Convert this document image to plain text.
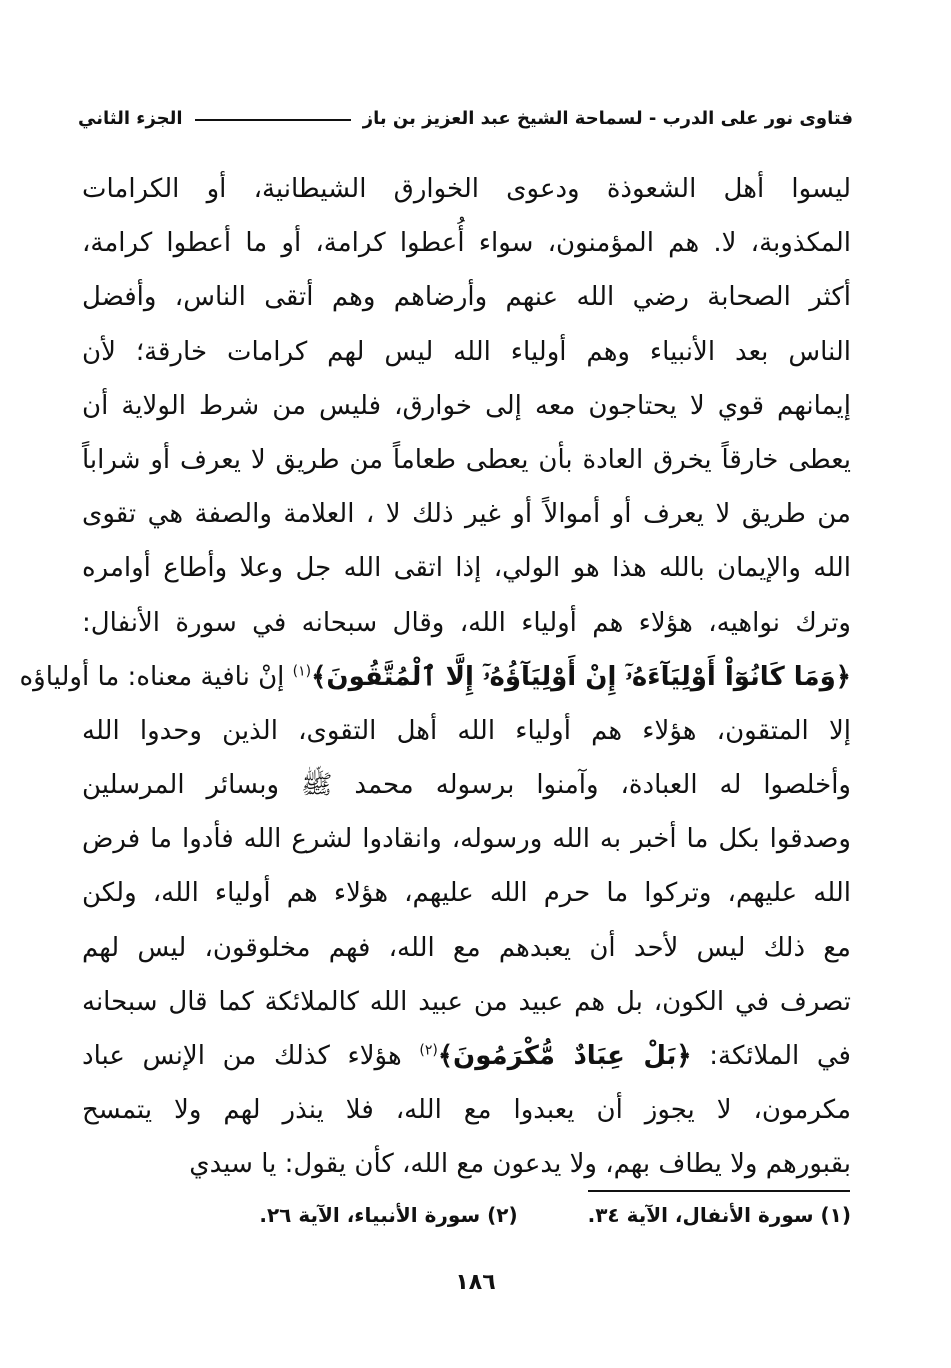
فتاوى نور على الدرب - لسماحة الشيخ عبد العزيز بن باز
الجزء الثاني
ليسوا أهل الشعوذة ودعوى الخوارق الشيطانية، أو الكرامات
المكذوبة، لا. هم المؤمنون، سواء أُعطوا كرامة، أو ما أعطوا كرامة،
أكثر الصحابة رضي الله عنهم وأرضاهم وهم أتقى الناس، وأفضل
الناس بعد الأنبياء وهم أولياء الله ليس لهم كرامات خارقة؛ لأن
إيمانهم قوي لا يحتاجون معه إلى خوارق، فليس من شرط الولاية أن
يعطى خارقاً يخرق العادة بأن يعطى طعاماً من طريق لا يعرف أو شراباً
من طريق لا يعرف أو أموالاً أو غير ذلك لا ، العلامة والصفة هي تقوى
الله والإيمان بالله هذا هو الولي، إذا اتقى الله جل وعلا وأطاع أوامره
وترك نواهيه، هؤلاء هم أولياء الله، وقال سبحانه في سورة الأنفال:
﴿وَمَا كَانُوٓاْ أَوْلِيَآءَهُۥٓ إِنْ أَوْلِيَآؤُهُۥٓ إِلَّا ٱلْمُتَّقُونَ﴾$^{(١)}$ إنْ نافية معناه: ما أولياؤه
إلا المتقون، هؤلاء هم أولياء الله أهل التقوى، الذين وحدوا الله
وأخلصوا له العبادة، وآمنوا برسوله محمد ﷺ وبسائر المرسلين
وصدقوا بكل ما أخبر به الله ورسوله، وانقادوا لشرع الله فأدوا ما فرض
الله عليهم، وتركوا ما حرم الله عليهم، هؤلاء هم أولياء الله، ولكن
مع ذلك ليس لأحد أن يعبدهم مع الله، فهم مخلوقون، ليس لهم
تصرف في الكون، بل هم عبيد من عبيد الله كالملائكة كما قال سبحانه
في الملائكة: ﴿بَلْ عِبَادٌ مُّكْرَمُونَ﴾$^{(٢)}$ هؤلاء كذلك من الإنس عباد
مكرمون، لا يجوز أن يعبدوا مع الله، فلا ينذر لهم ولا يتمسح
بقبورهم ولا يطاف بهم، ولا يدعون مع الله، كأن يقول: يا سيدي
(١) سورة الأنفال، الآية ٣٤.
(٢) سورة الأنبياء، الآية ٢٦.
١٨٦
